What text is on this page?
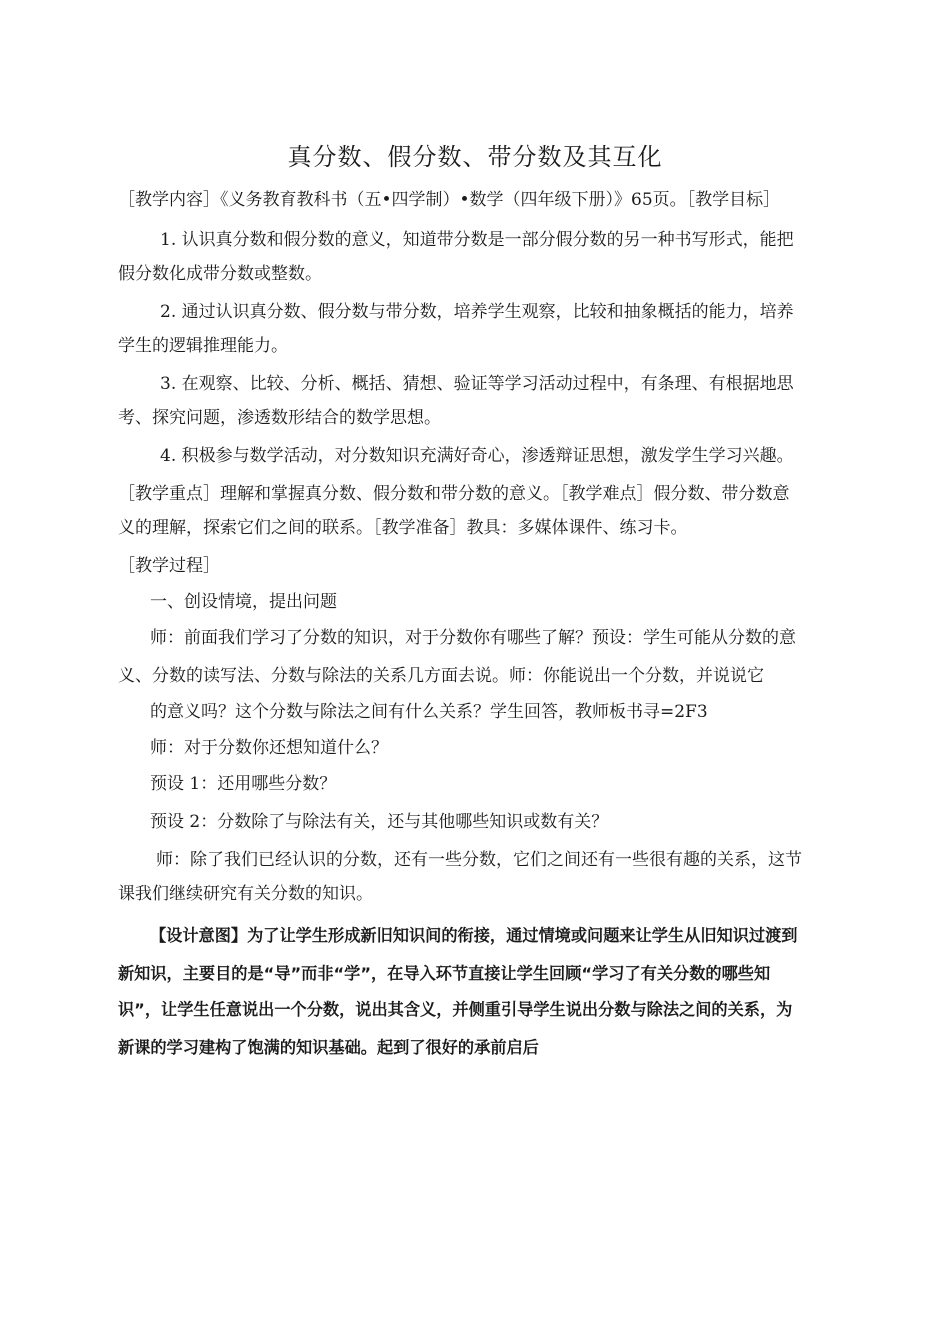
真分数、假分数、带分数及其互化
［教学内容］《义务教育教科书（五•四学制）•数学（四年级下册）》65页。［教学目标］
1. 认识真分数和假分数的意义，知道带分数是一部分假分数的另一种书写形式，能把
假分数化成带分数或整数。
2. 通过认识真分数、假分数与带分数，培养学生观察，比较和抽象概括的能力，培养
学生的逻辑推理能力。
3. 在观察、比较、分析、概括、猜想、验证等学习活动过程中，有条理、有根据地思
考、探究问题，渗透数形结合的数学思想。
4. 积极参与数学活动，对分数知识充满好奇心，渗透辩证思想，激发学生学习兴趣。
［教学重点］理解和掌握真分数、假分数和带分数的意义。［教学难点］假分数、带分数意
义的理解，探索它们之间的联系。［教学准备］教具：多媒体课件、练习卡。
［教学过程］
一、创设情境，提出问题
师：前面我们学习了分数的知识，对于分数你有哪些了解？预设：学生可能从分数的意
义、分数的读写法、分数与除法的关系几方面去说。师：你能说出一个分数，并说说它
的意义吗？这个分数与除法之间有什么关系？学生回答，教师板书寻=2F3
师：对于分数你还想知道什么？
预设 1：还用哪些分数？
预设 2：分数除了与除法有关，还与其他哪些知识或数有关？
师：除了我们已经认识的分数，还有一些分数，它们之间还有一些很有趣的关系，这节
课我们继续研究有关分数的知识。
【设计意图】为了让学生形成新旧知识间的衔接，通过情境或问题来让学生从旧知识过渡到
新知识，主要目的是“导”而非“学”，在导入环节直接让学生回顾“学习了有关分数的哪些知
识”，让学生任意说出一个分数，说出其含义，并侧重引导学生说出分数与除法之间的关系，为
新课的学习建构了饱满的知识基础。起到了很好的承前启后
